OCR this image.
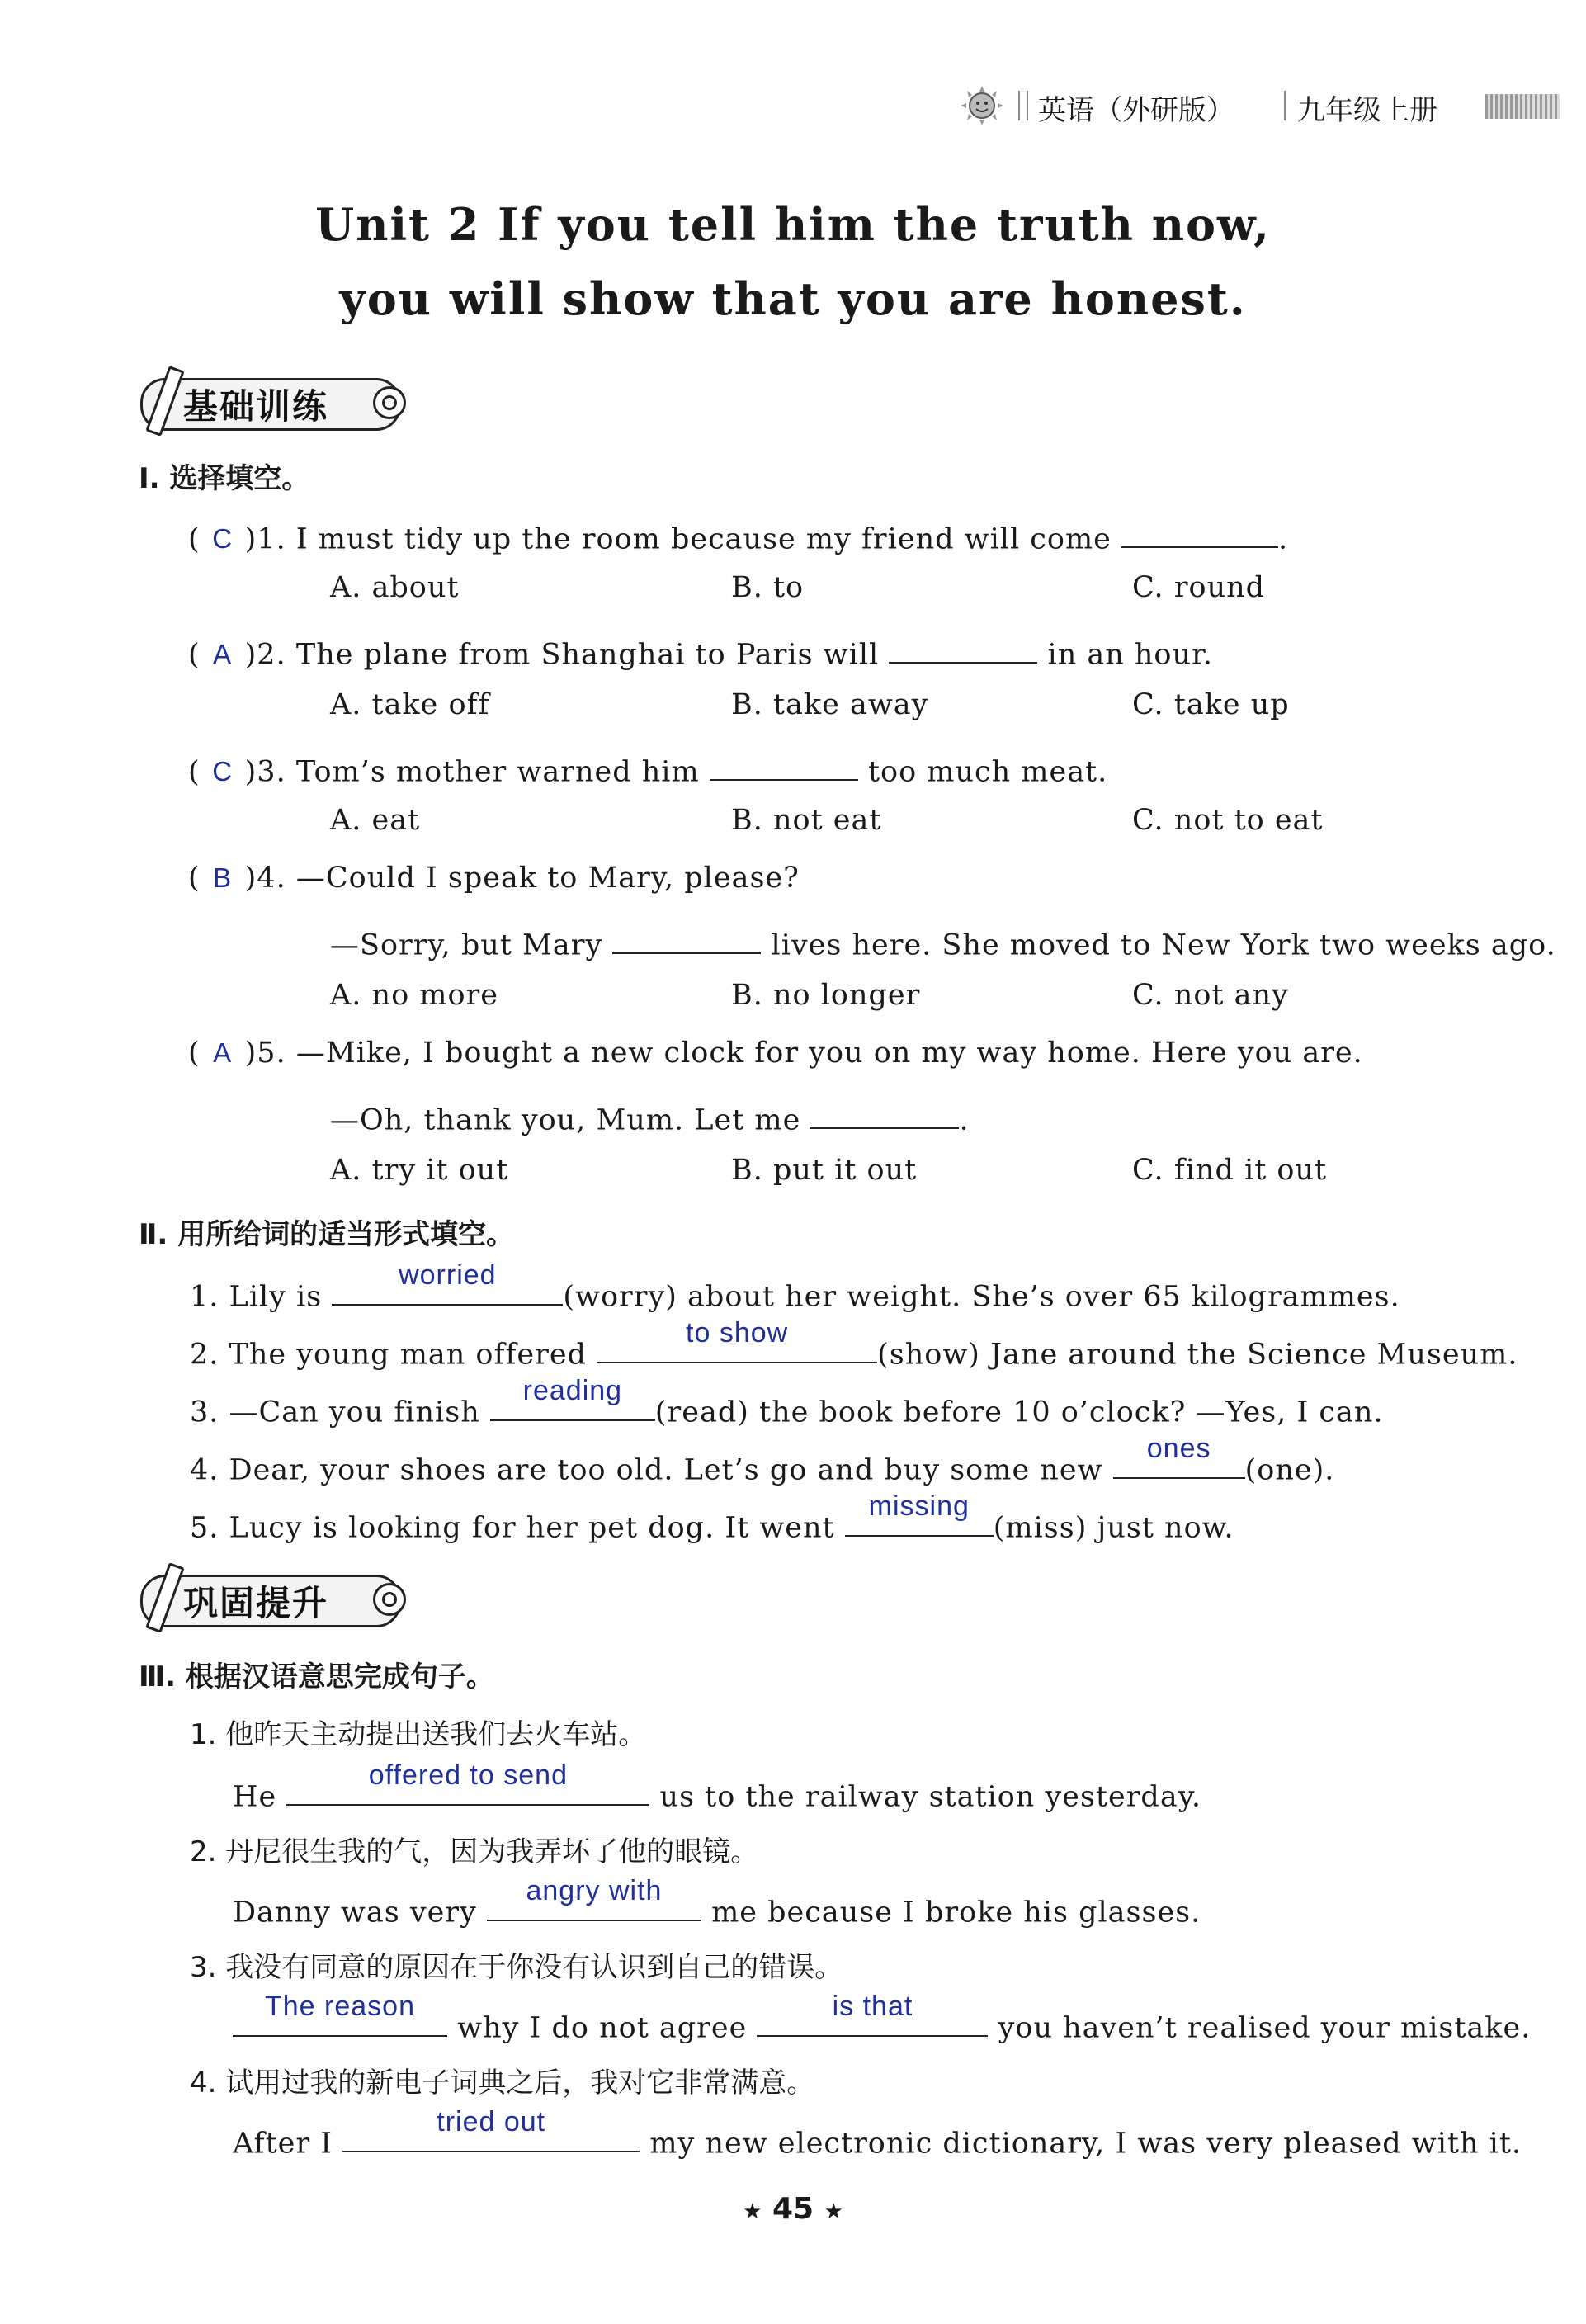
英语（外研版） 九年级上册
Unit 2 If you tell him the truth now,
you will show that you are honest.
基础训练
Ⅰ. 选择填空。
( C )1. I must tidy up the room because my friend will come	.
A. about	B. to	C. round
( A )2. The plane from Shanghai to Paris will	in an hour.
A. take off	B. take away	C. take up
( C )3. Tom’s mother warned him	too much meat.
A. eat	B. not eat	C. not to eat
( B )4. —Could I speak to Mary, please?
—Sorry, but Mary	lives here. She moved to New York two weeks ago.
A. no more	B. no longer	C. not any
( A )5. —Mike, I bought a new clock for you on my way home. Here you are.
—Oh, thank you, Mum. Let me	.
A. try it out	B. put it out	C. find it out
Ⅱ. 用所给词的适当形式填空。
1. Lily is
worried
(worry) about her weight. She’s over 65 kilogrammes.
2. The young man offered
to show
(show) Jane around the Science Museum.
3. —Can you finish
reading
(read) the book before 10 o’clock? —Yes, I can.
4. Dear, your shoes are too old. Let’s go and buy some new
ones
(one).
5. Lucy is looking for her pet dog. It went
missing
(miss) just now.
巩固提升
Ⅲ. 根据汉语意思完成句子。
1. 他昨天主动提出送我们去火车站。
He
offered to send
us to the railway station yesterday.
2. 丹尼很生我的气，因为我弄坏了他的眼镜。
Danny was very
angry with
me because I broke his glasses.
3. 我没有同意的原因在于你没有认识到自己的错误。
The reason
why I do not agree
is that
you haven’t realised your mistake.
4. 试用过我的新电子词典之后，我对它非常满意。
After I
tried out
my new electronic dictionary, I was very pleased with it.
★ 45 ★
